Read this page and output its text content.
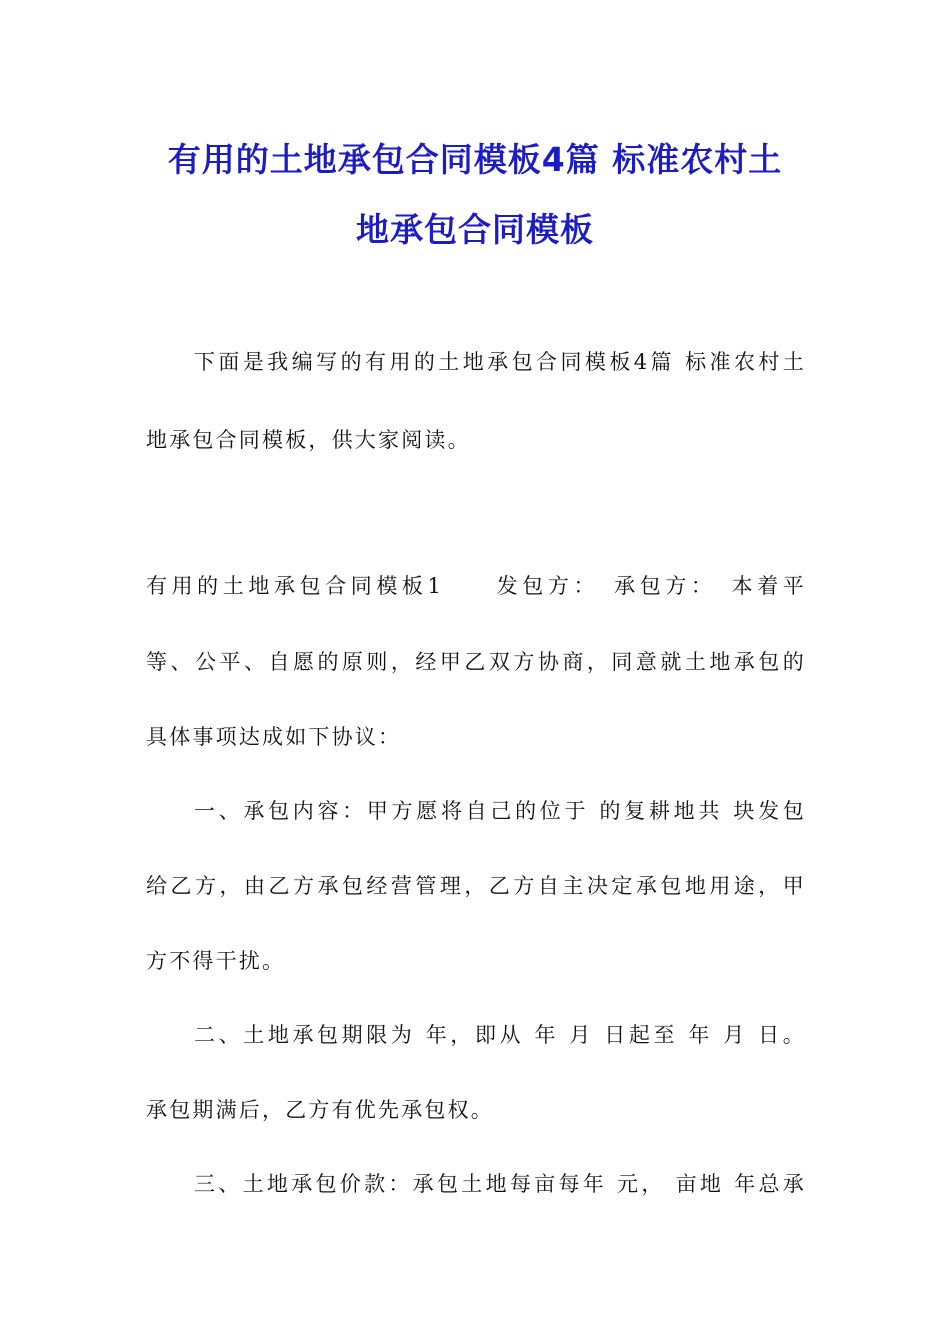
有用的土地承包合同模板4篇 标准农村土
地承包合同模板
下面是我编写的有用的土地承包合同模板4篇 标准农村土
地承包合同模板，供大家阅读。
有用的土地承包合同模板1　　发包方：　承包方：　本着平
等、公平、自愿的原则，经甲乙双方协商，同意就土地承包的
具体事项达成如下协议：
一、承包内容：甲方愿将自己的位于 的复耕地共 块发包
给乙方，由乙方承包经营管理，乙方自主决定承包地用途，甲
方不得干扰。
二、土地承包期限为 年，即从 年 月 日起至 年 月 日。
承包期满后，乙方有优先承包权。
三、土地承包价款：承包土地每亩每年 元， 亩地 年总承
